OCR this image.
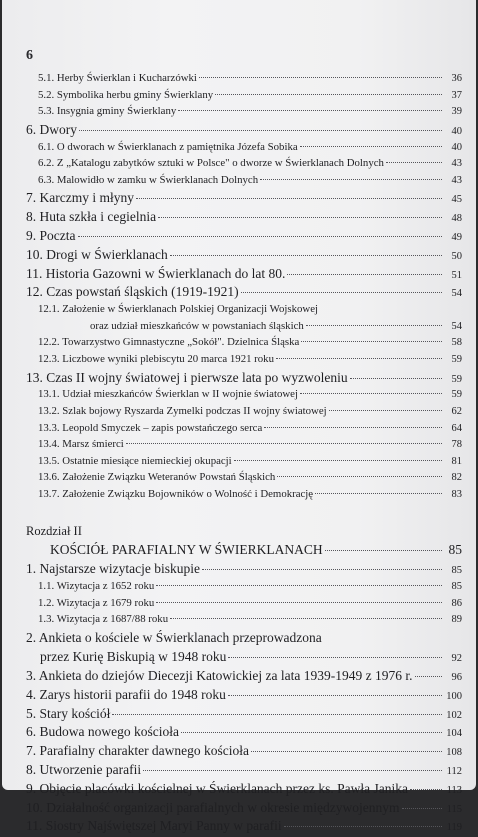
6
5.1. Herby Świerklan i Kucharzówki	36
5.2. Symbolika herbu gminy Świerklany	37
5.3. Insygnia gminy Świerklany	39
6. Dwory	40
6.1. O dworach w Świerklanach z pamiętnika Józefa Sobika	40
6.2. Z „Katalogu zabytków sztuki w Polsce" o dworze w Świerklanach Dolnych	43
6.3. Malowidło w zamku w Świerklanach Dolnych	43
7. Karczmy i młyny	45
8. Huta szkła i cegielnia	48
9. Poczta	49
10. Drogi w Świerklanach	50
11. Historia Gazowni w Świerklanach do lat 80.	51
12. Czas powstań śląskich (1919-1921)	54
12.1. Założenie w Świerklanach Polskiej Organizacji Wojskowej
oraz udział mieszkańców w powstaniach śląskich	54
12.2. Towarzystwo Gimnastyczne „Sokół". Dzielnica Śląska	58
12.3. Liczbowe wyniki plebiscytu 20 marca 1921 roku	59
13. Czas II wojny światowej i pierwsze lata po wyzwoleniu	59
13.1. Udział mieszkańców Świerklan w II wojnie światowej	59
13.2. Szlak bojowy Ryszarda Zymelki podczas II wojny światowej	62
13.3. Leopold Smyczek – zapis powstańczego serca	64
13.4. Marsz śmierci	78
13.5. Ostatnie miesiące niemieckiej okupacji	81
13.6. Założenie Związku Weteranów Powstań Śląskich	82
13.7. Założenie Związku Bojowników o Wolność i Demokrację	83
Rozdział II
KOŚCIÓŁ PARAFIALNY W ŚWIERKLANACH	85
1. Najstarsze wizytacje biskupie	85
1.1. Wizytacja z 1652 roku	85
1.2. Wizytacja z 1679 roku	86
1.3. Wizytacja z 1687/88 roku	89
2. Ankieta o kościele w Świerklanach przeprowadzona
przez Kurię Biskupią w 1948 roku	92
3. Ankieta do dziejów Diecezji Katowickiej za lata 1939-1949 z 1976 r.	96
4. Zarys historii parafii do 1948 roku	100
5. Stary kościół	102
6. Budowa nowego kościoła	104
7. Parafialny charakter dawnego kościoła	108
8. Utworzenie parafii	112
9. Objęcie placówki kościelnej w Świerklanach przez ks. Pawła Janika	113
10. Działalność organizacji parafialnych w okresie międzywojennym	115
11. Siostry Najświętszej Maryi Panny w parafii	119
